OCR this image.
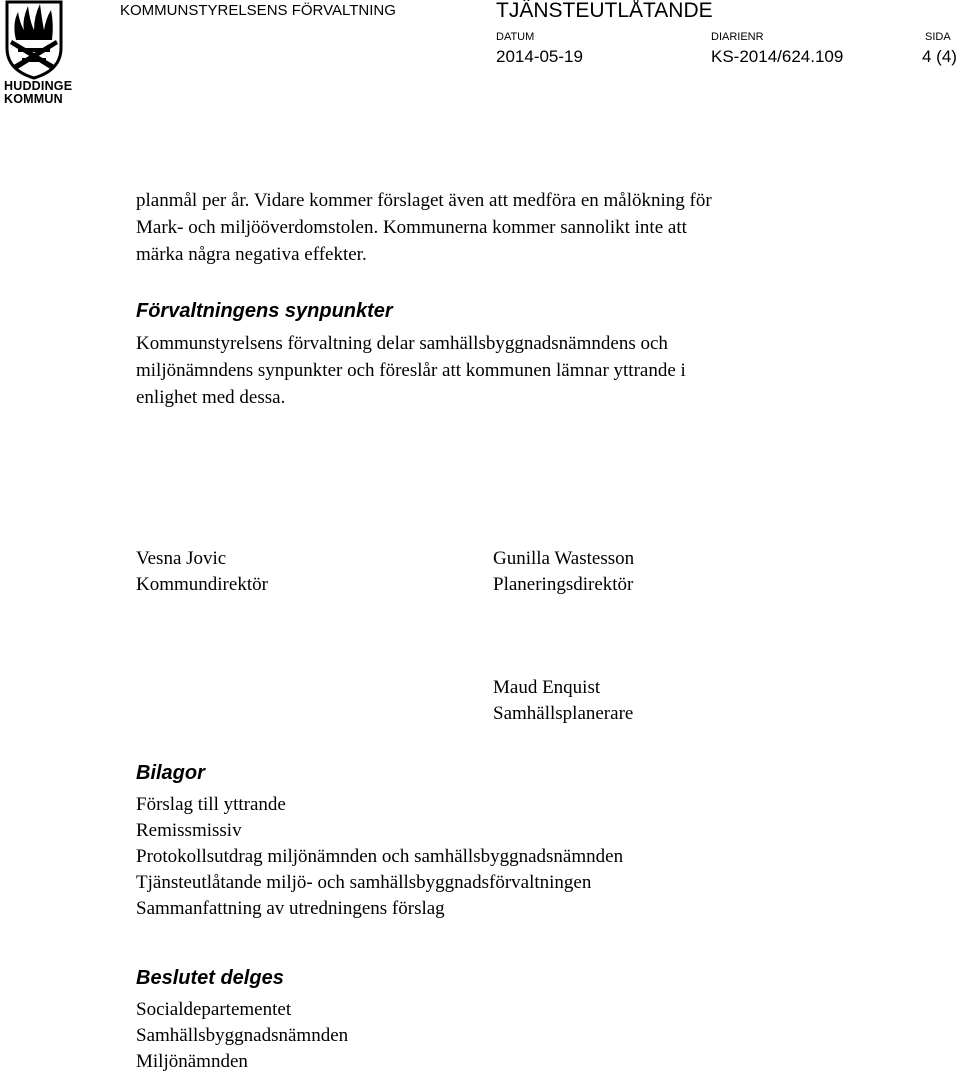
HUDDINGE
KOMMUN
KOMMUNSTYRELSENS FÖRVALTNING	TJÄNSTEUTLÅTANDE
DATUM
2014-05-19
DIARIENR
KS-2014/624.109
SIDA
4 (4)
planmål per år. Vidare kommer förslaget även att medföra en målökning för
Mark- och miljööverdomstolen. Kommunerna kommer sannolikt inte att
märka några negativa effekter.
Förvaltningens synpunkter
Kommunstyrelsens förvaltning delar samhällsbyggnadsnämndens och
miljönämndens synpunkter och föreslår att kommunen lämnar yttrande i
enlighet med dessa.
Vesna Jovic
Kommundirektör
Gunilla Wastesson
Planeringsdirektör
Maud Enquist
Samhällsplanerare
Bilagor
Förslag till yttrande
Remissmissiv
Protokollsutdrag miljönämnden och samhällsbyggnadsnämnden
Tjänsteutlåtande miljö- och samhällsbyggnadsförvaltningen
Sammanfattning av utredningens förslag
Beslutet delges
Socialdepartementet
Samhällsbyggnadsnämnden
Miljönämnden
